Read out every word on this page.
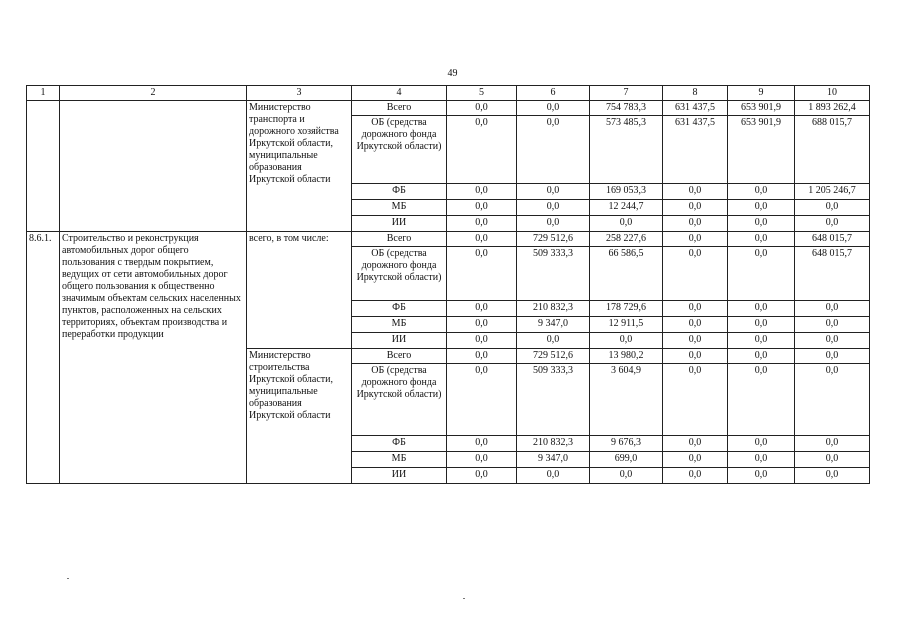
49
1	2	3	4	5	6	7	8	9	10
		Министерство транспорта и дорожного хозяйства Иркутской области, муниципальные образования Иркутской области	Всего	0,0	0,0	754 783,3	631 437,5	653 901,9	1 893 262,4
			ОБ (средства дорожного фонда Иркутской области)	0,0	0,0	573 485,3	631 437,5	653 901,9	688 015,7
			ФБ	0,0	0,0	169 053,3	0,0	0,0	1 205 246,7
			МБ	0,0	0,0	12 244,7	0,0	0,0	0,0
			ИИ	0,0	0,0	0,0	0,0	0,0	0,0
8.6.1.	Строительство и реконструкция автомобильных дорог общего пользования с твердым покрытием, ведущих от сети автомобильных дорог общего пользования к общественно значимым объектам сельских населенных пунктов, расположенных на сельских территориях, объектам производства и переработки продукции	всего, в том числе:	Всего	0,0	729 512,6	258 227,6	0,0	0,0	648 015,7
			ОБ (средства дорожного фонда Иркутской области)	0,0	509 333,3	66 586,5	0,0	0,0	648 015,7
			ФБ	0,0	210 832,3	178 729,6	0,0	0,0	0,0
			МБ	0,0	9 347,0	12 911,5	0,0	0,0	0,0
			ИИ	0,0	0,0	0,0	0,0	0,0	0,0
		Министерство строительства Иркутской области, муниципальные образования Иркутской области	Всего	0,0	729 512,6	13 980,2	0,0	0,0	0,0
			ОБ (средства дорожного фонда Иркутской области)	0,0	509 333,3	3 604,9	0,0	0,0	0,0
			ФБ	0,0	210 832,3	9 676,3	0,0	0,0	0,0
			МБ	0,0	9 347,0	699,0	0,0	0,0	0,0
			ИИ	0,0	0,0	0,0	0,0	0,0	0,0
